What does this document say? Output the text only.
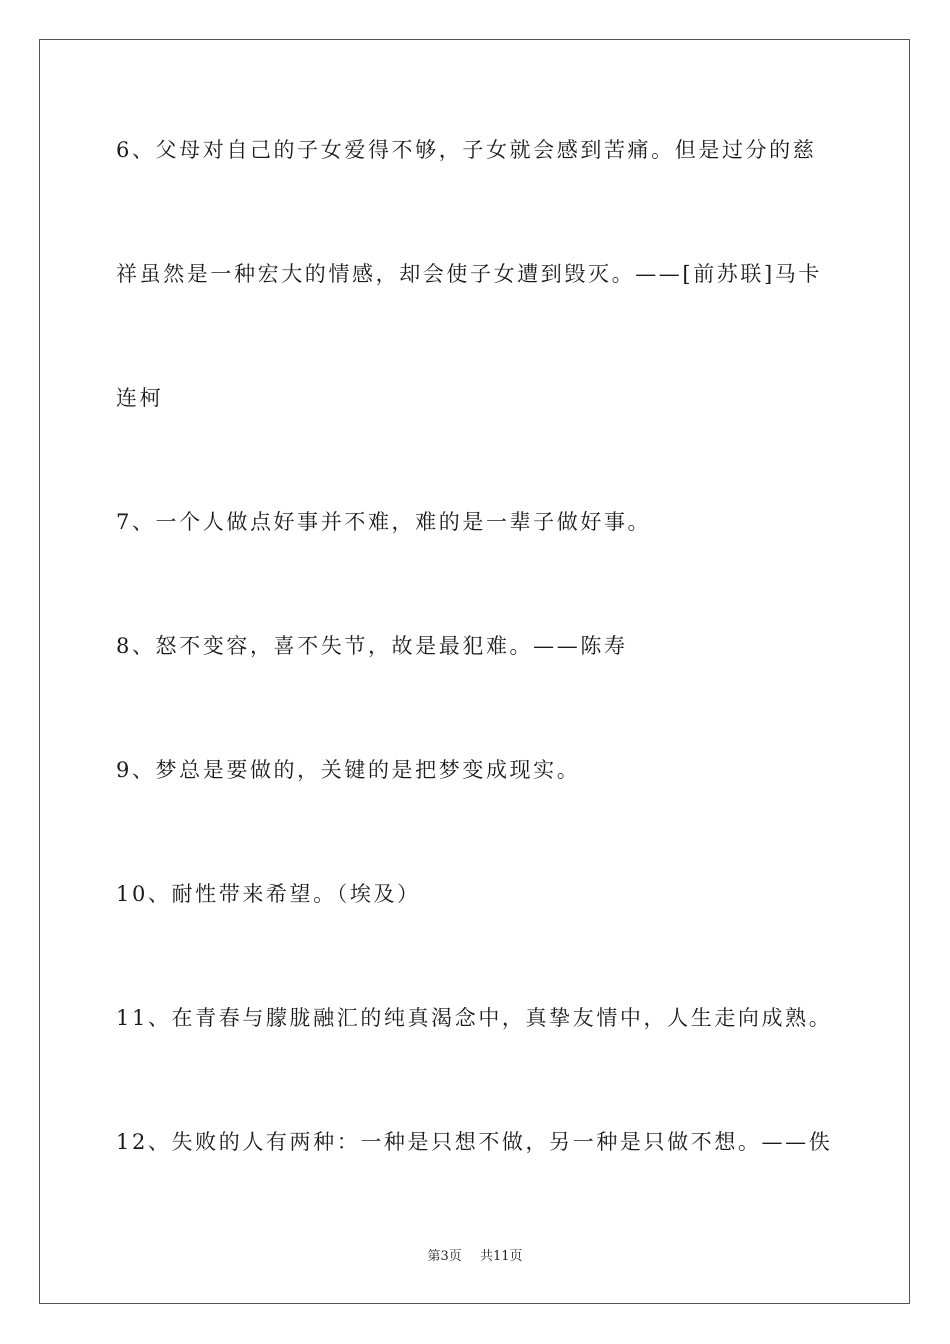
6、父母对自己的子女爱得不够，子女就会感到苦痛。但是过分的慈
祥虽然是一种宏大的情感，却会使子女遭到毁灭。——[前苏联]马卡
连柯
7、一个人做点好事并不难，难的是一辈子做好事。
8、怒不变容，喜不失节，故是最犯难。——陈寿
9、梦总是要做的，关键的是把梦变成现实。
10、耐性带来希望。（埃及）
11、在青春与朦胧融汇的纯真渴念中，真挚友情中，人生走向成熟。
12、失败的人有两种：一种是只想不做，另一种是只做不想。——佚
第3页 共11页
